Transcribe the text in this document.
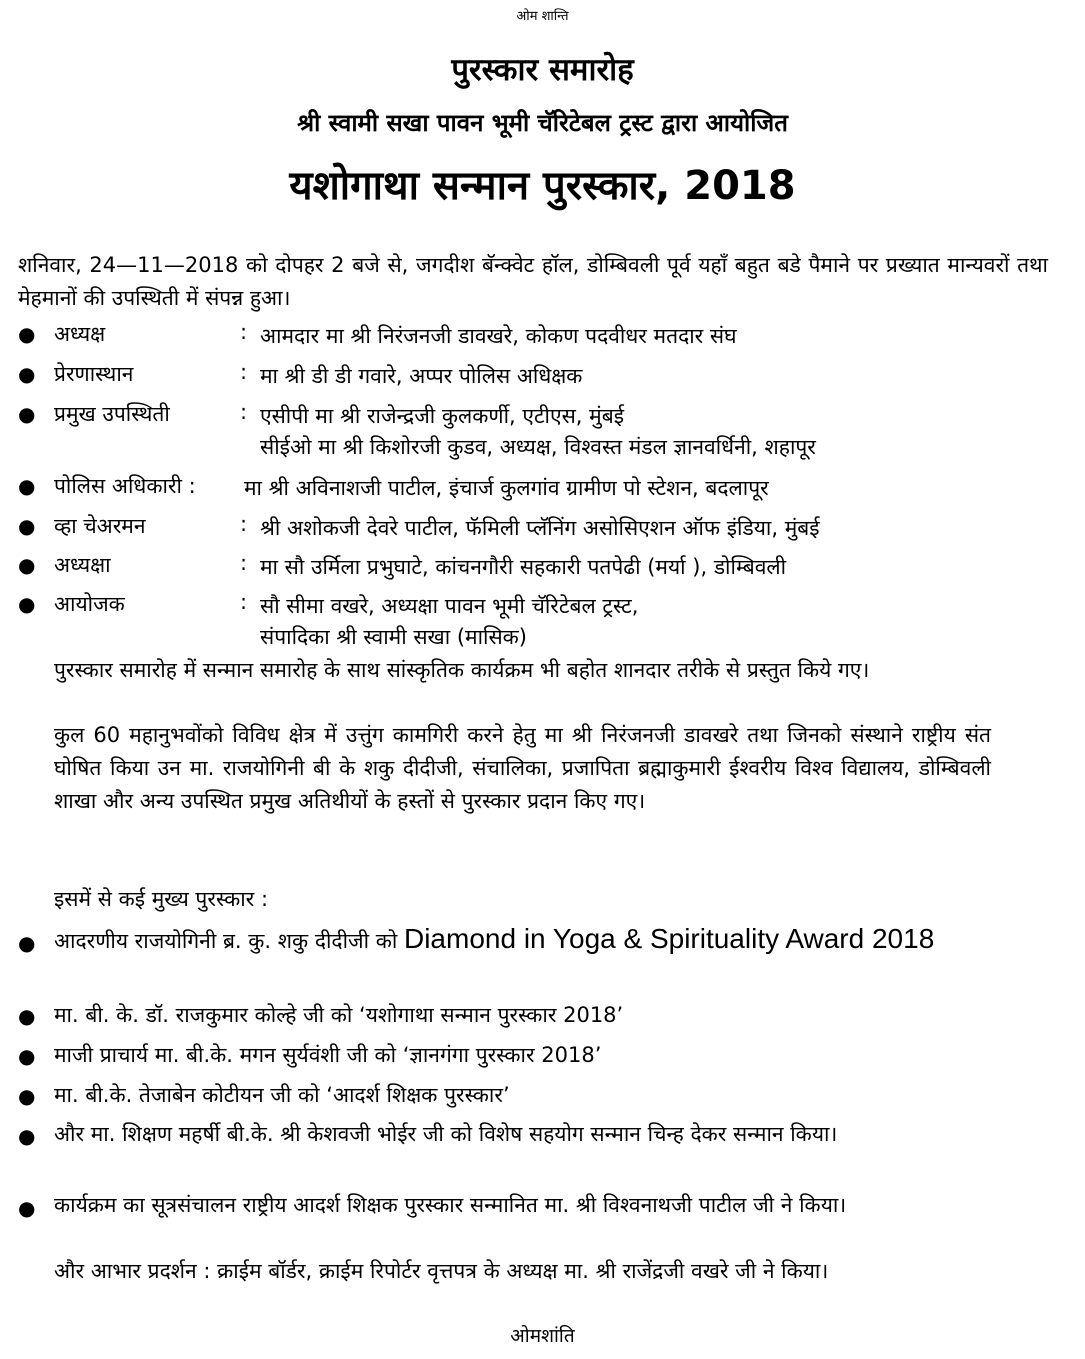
ओम शान्ति
पुरस्कार समारोह
श्री स्वामी सखा पावन भूमी चॅरिटेबल ट्रस्ट द्वारा आयोजित
यशोगाथा सन्मान पुरस्कार, 2018
शनिवार, 24—11—2018 को दोपहर 2 बजे से, जगदीश बॅन्क्वेट हॉल, डोम्बिवली पूर्व यहाँ बहुत बडे पैमाने पर प्रख्यात मान्यवरों तथा मेहमानों की उपस्थिती में संपन्न हुआ।
● अध्यक्ष	: आमदार मा श्री निरंजनजी डावखरे, कोकण पदवीधर मतदार संघ
● प्रेरणास्थान	: मा श्री डी डी गवारे, अप्पर पोलिस अधिक्षक
● प्रमुख उपस्थिती	: एसीपी मा श्री राजेन्द्रजी कुलकर्णी, एटीएस, मुंबई
सीईओ मा श्री किशोरजी कुडव, अध्यक्ष, विश्वस्त मंडल ज्ञानवर्धिनी, शहापूर
● पोलिस अधिकारी : मा श्री अविनाशजी पाटील, इंचार्ज कुलगांव ग्रामीण पो स्टेशन, बदलापूर
● व्हा चेअरमन	: श्री अशोकजी देवरे पाटील, फॅमिली प्लॅनिंग असोसिएशन ऑफ इंडिया, मुंबई
● अध्यक्षा	: मा सौ उर्मिला प्रभुघाटे, कांचनगौरी सहकारी पतपेढी (मर्या ), डोम्बिवली
● आयोजक	: सौ सीमा वखरे, अध्यक्षा पावन भूमी चॅरिटेबल ट्रस्ट,
संपादिका श्री स्वामी सखा (मासिक)
पुरस्कार समारोह में सन्मान समारोह के साथ सांस्कृतिक कार्यक्रम भी बहोत शानदार तरीके से प्रस्तुत किये गए।
कुल 60 महानुभवोंको विविध क्षेत्र में उत्तुंग कामगिरी करने हेतु मा श्री निरंजनजी डावखरे तथा जिनको संस्थाने राष्ट्रीय संत घोषित किया उन मा. राजयोगिनी बी के शकु दीदीजी, संचालिका, प्रजापिता ब्रह्माकुमारी ईश्वरीय विश्व विद्यालय, डोम्बिवली शाखा और अन्य उपस्थित प्रमुख अतिथीयों के हस्तों से पुरस्कार प्रदान किए गए।
इसमें से कई मुख्य पुरस्कार :
● आदरणीय राजयोगिनी ब्र. कु. शकु दीदीजी को Diamond in Yoga & Spirituality Award 2018
● मा. बी. के. डॉ. राजकुमार कोल्हे जी को ‘यशोगाथा सन्मान पुरस्कार 2018’
● माजी प्राचार्य मा. बी.के. मगन सुर्यवंशी जी को ‘ज्ञानगंगा पुरस्कार 2018’
● मा. बी.के. तेजाबेन कोटीयन जी को ‘आदर्श शिक्षक पुरस्कार’
● और मा. शिक्षण महर्षी बी.के. श्री केशवजी भोईर जी को विशेष सहयोग सन्मान चिन्ह देकर सन्मान किया।
● कार्यक्रम का सूत्रसंचालन राष्ट्रीय आदर्श शिक्षक पुरस्कार सन्मानित मा. श्री विश्वनाथजी पाटील जी ने किया।
और आभार प्रदर्शन : क्राईम बॉर्डर, क्राईम रिपोर्टर वृत्तपत्र के अध्यक्ष मा. श्री राजेंद्रजी वखरे जी ने किया।
ओमशांति
